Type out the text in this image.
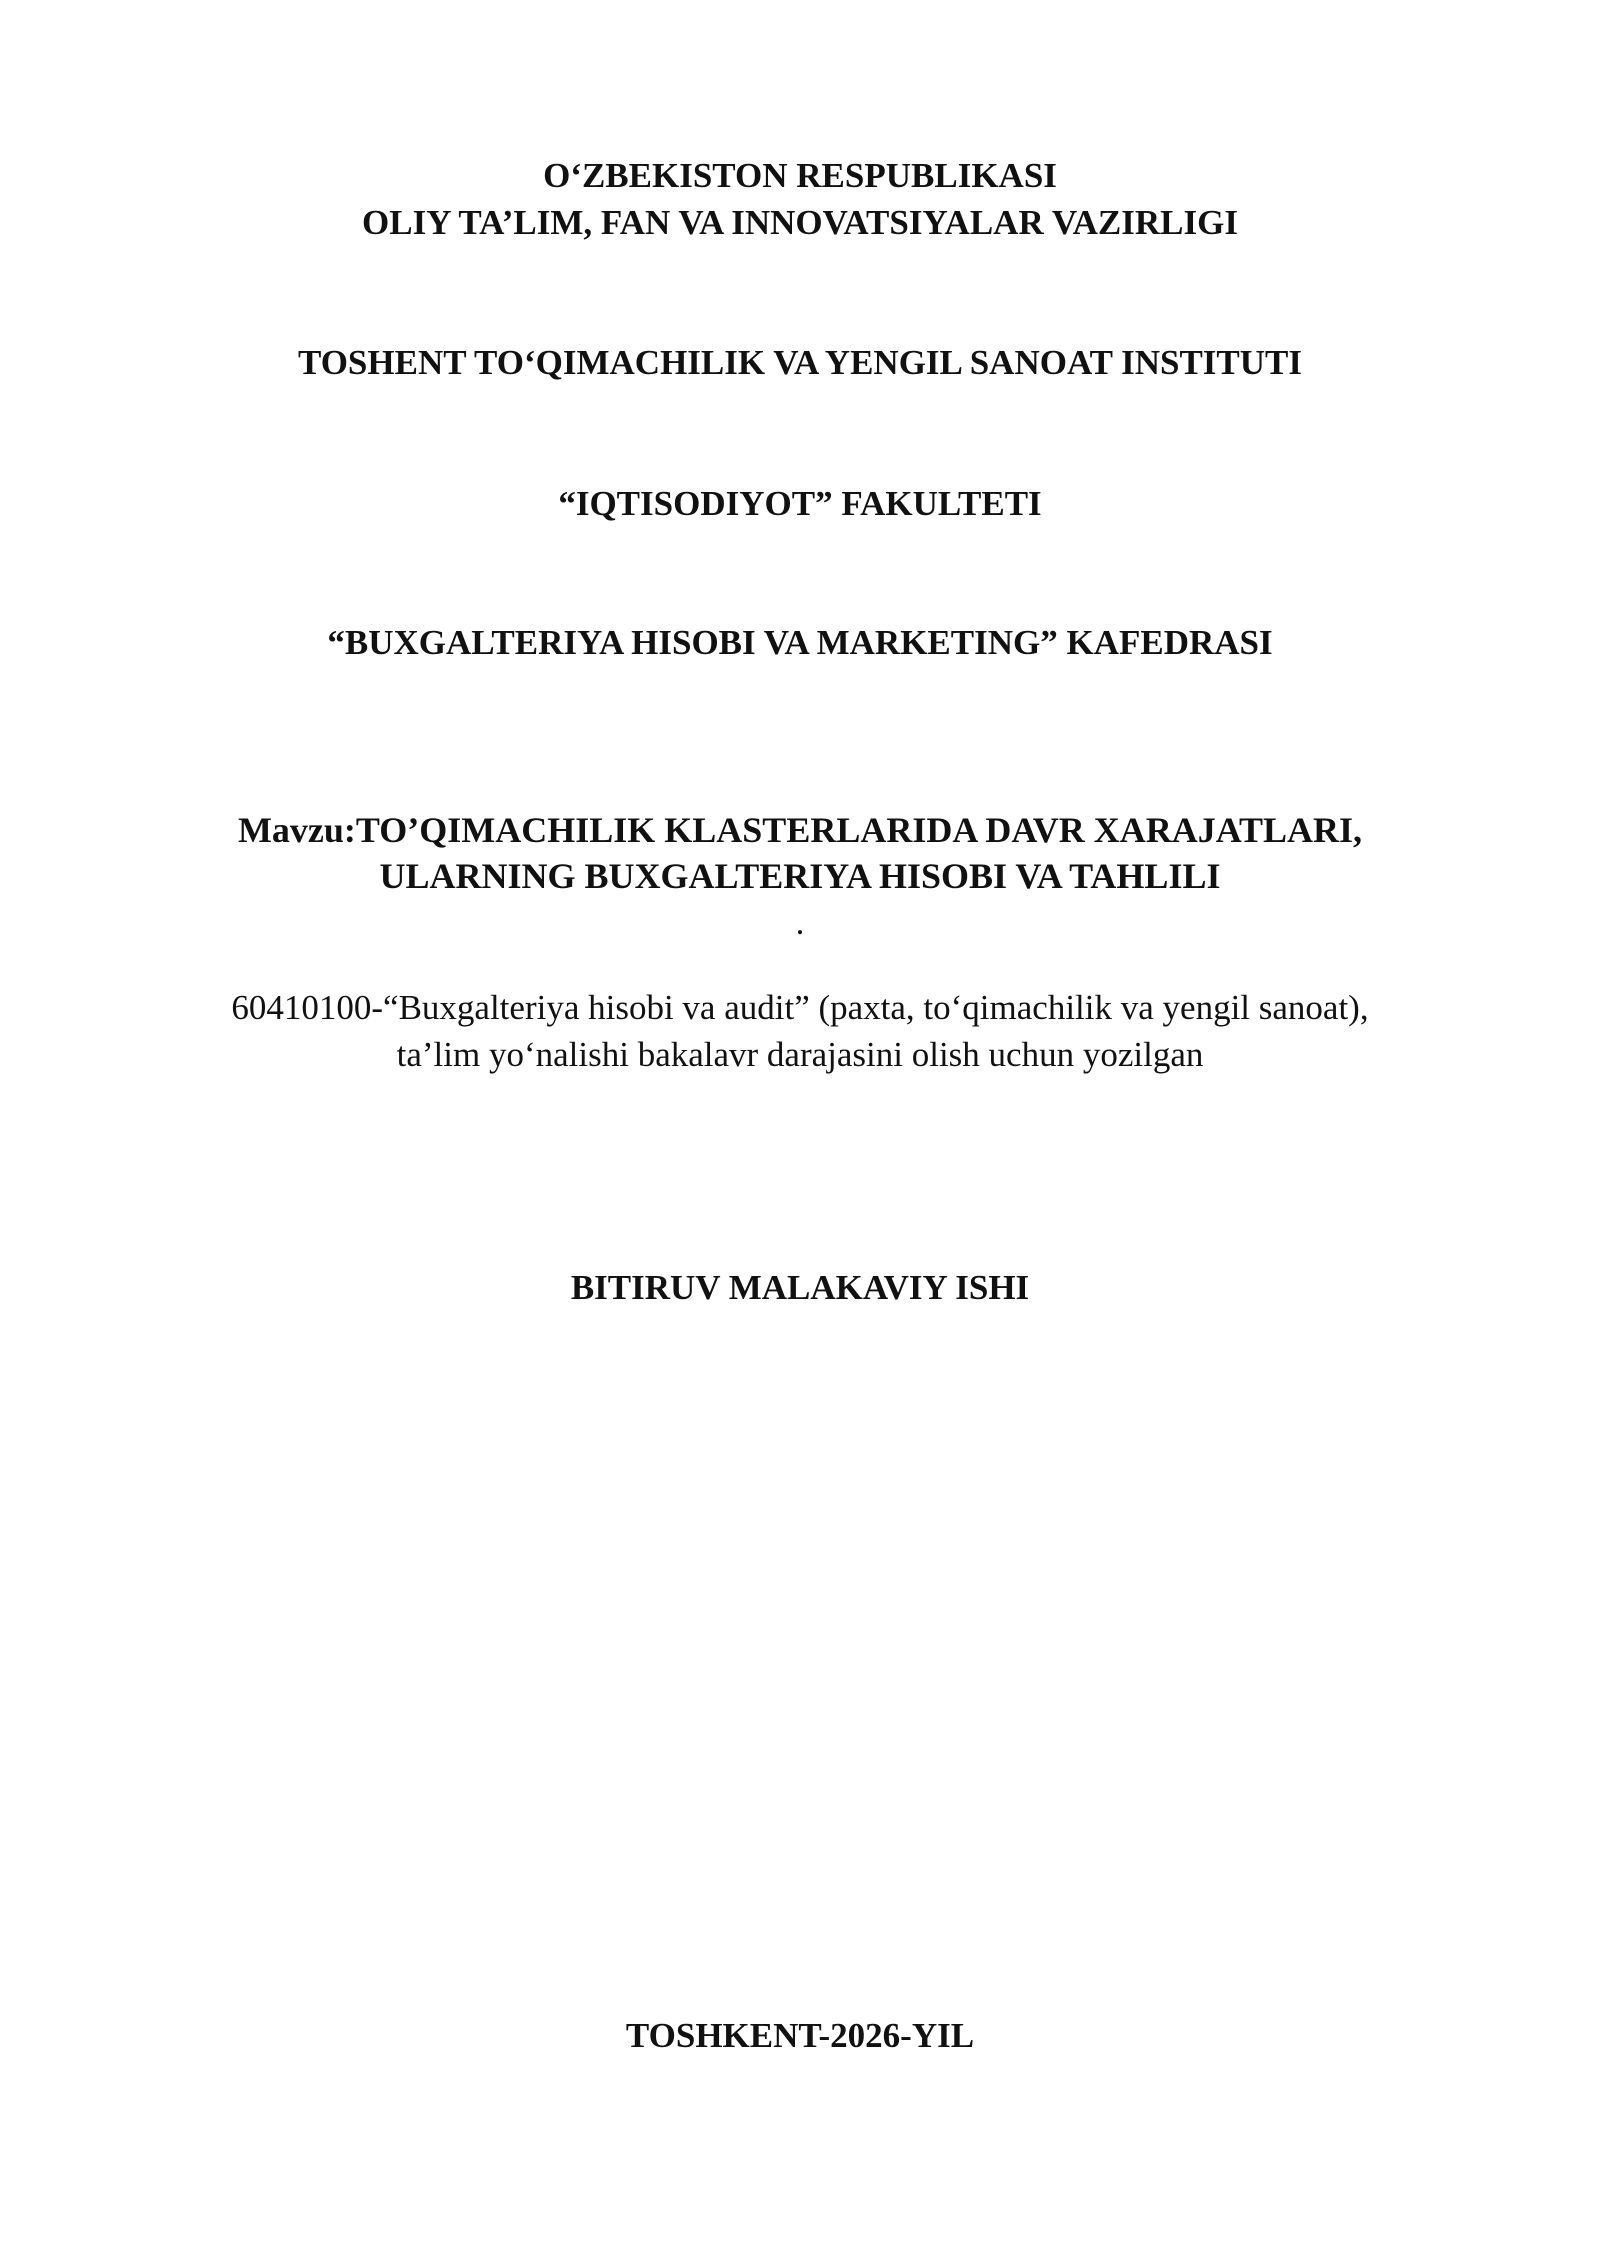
O‘ZBEKISTON RESPUBLIKASI
OLIY TA’LIM, FAN VA INNOVATSIYALAR VAZIRLIGI
TOSHENT TO‘QIMACHILIK VA YENGIL SANOAT INSTITUTI
“IQTISODIYOT” FAKULTETI
“BUXGALTERIYA HISOBI VA MARKETING” KAFEDRASI
Mavzu:TO’QIMACHILIK KLASTERLARIDA DAVR XARAJATLARI,
ULARNING BUXGALTERIYA HISOBI VA TAHLILI
.
60410100-“Buxgalteriya hisobi va audit” (paxta, to‘qimachilik va yengil sanoat),
ta’lim yo‘nalishi bakalavr darajasini olish uchun yozilgan
BITIRUV MALAKAVIY ISHI
TOSHKENT-2026-YIL
